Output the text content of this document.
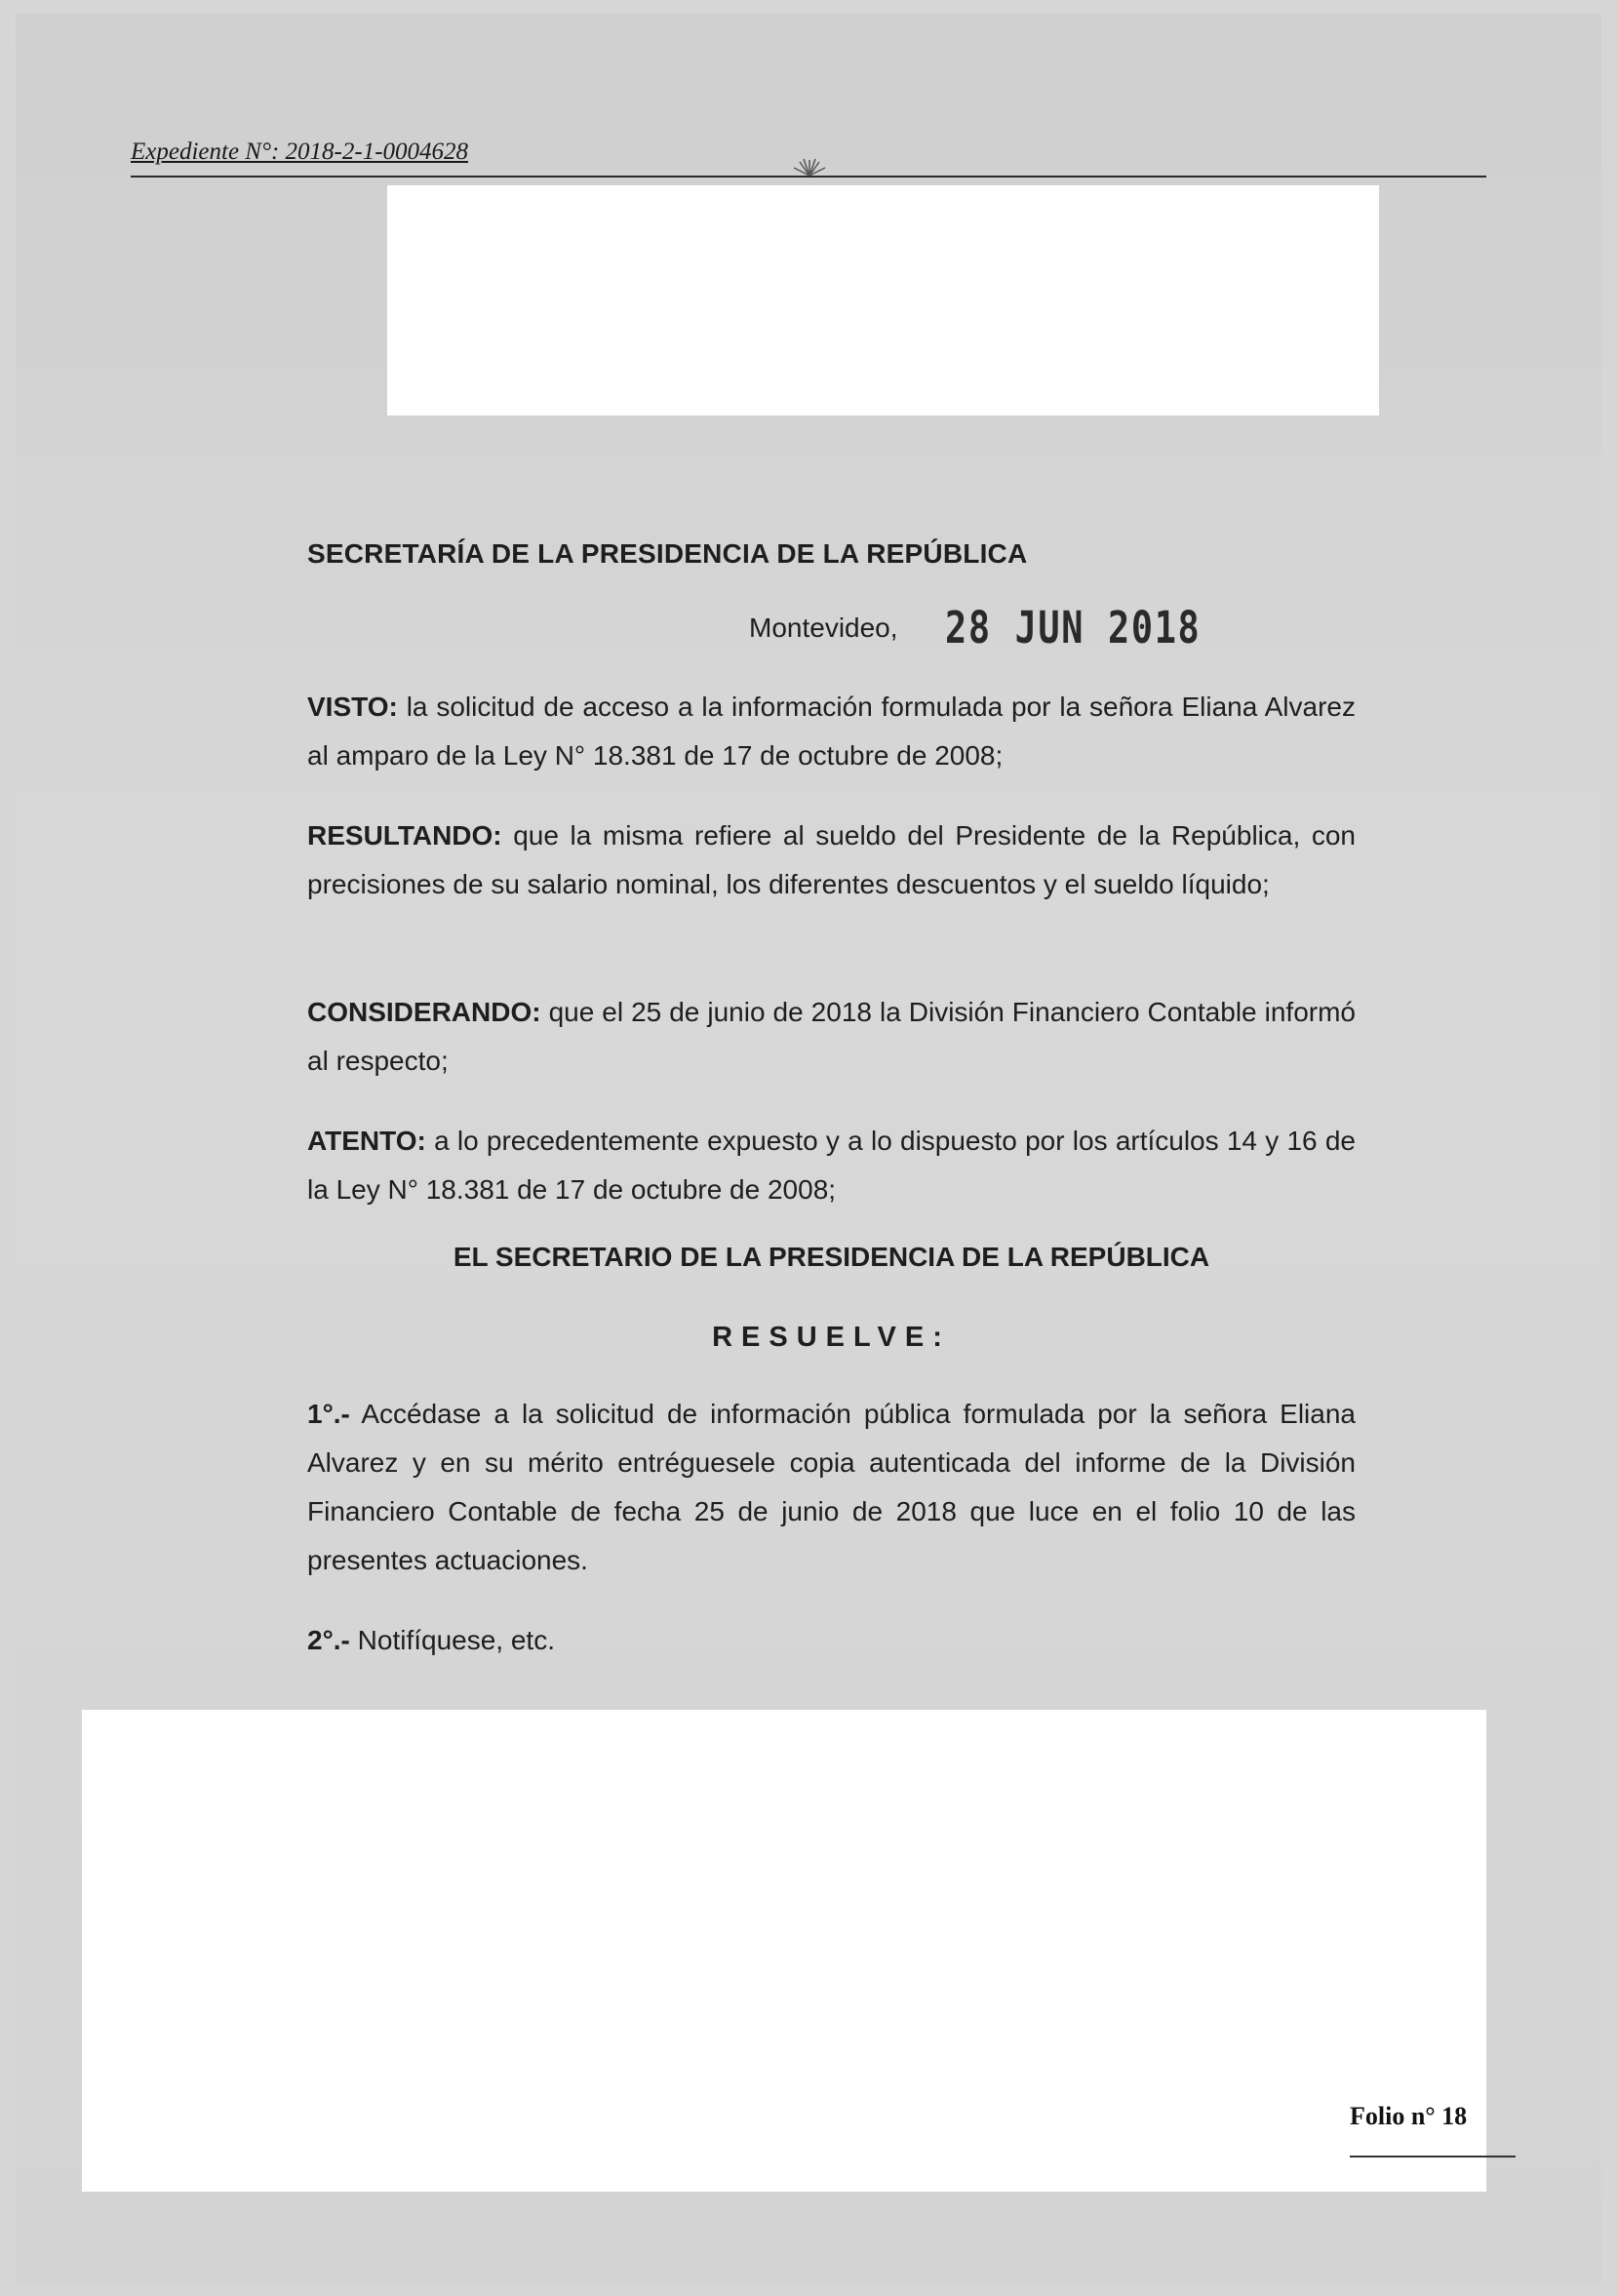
Expediente N°: 2018-2-1-0004628
SECRETARÍA DE LA PRESIDENCIA DE LA REPÚBLICA
Montevideo, 28 JUN 2018
VISTO: la solicitud de acceso a la información formulada por la señora Eliana Alvarez al amparo de la Ley N° 18.381 de 17 de octubre de 2008;
RESULTANDO: que la misma refiere al sueldo del Presidente de la República, con precisiones de su salario nominal, los diferentes descuentos y el sueldo líquido;
CONSIDERANDO: que el 25 de junio de 2018 la División Financiero Contable informó al respecto;
ATENTO: a lo precedentemente expuesto y a lo dispuesto por los artículos 14 y 16 de la Ley N° 18.381 de 17 de octubre de 2008;
EL SECRETARIO DE LA PRESIDENCIA DE LA REPÚBLICA
RESUELVE:
1°.- Accédase a la solicitud de información pública formulada por la señora Eliana Alvarez y en su mérito entréguesele copia autenticada del informe de la División Financiero Contable de fecha 25 de junio de 2018 que luce en el folio 10 de las presentes actuaciones.
2°.- Notifíquese, etc.
Folio n° 18
